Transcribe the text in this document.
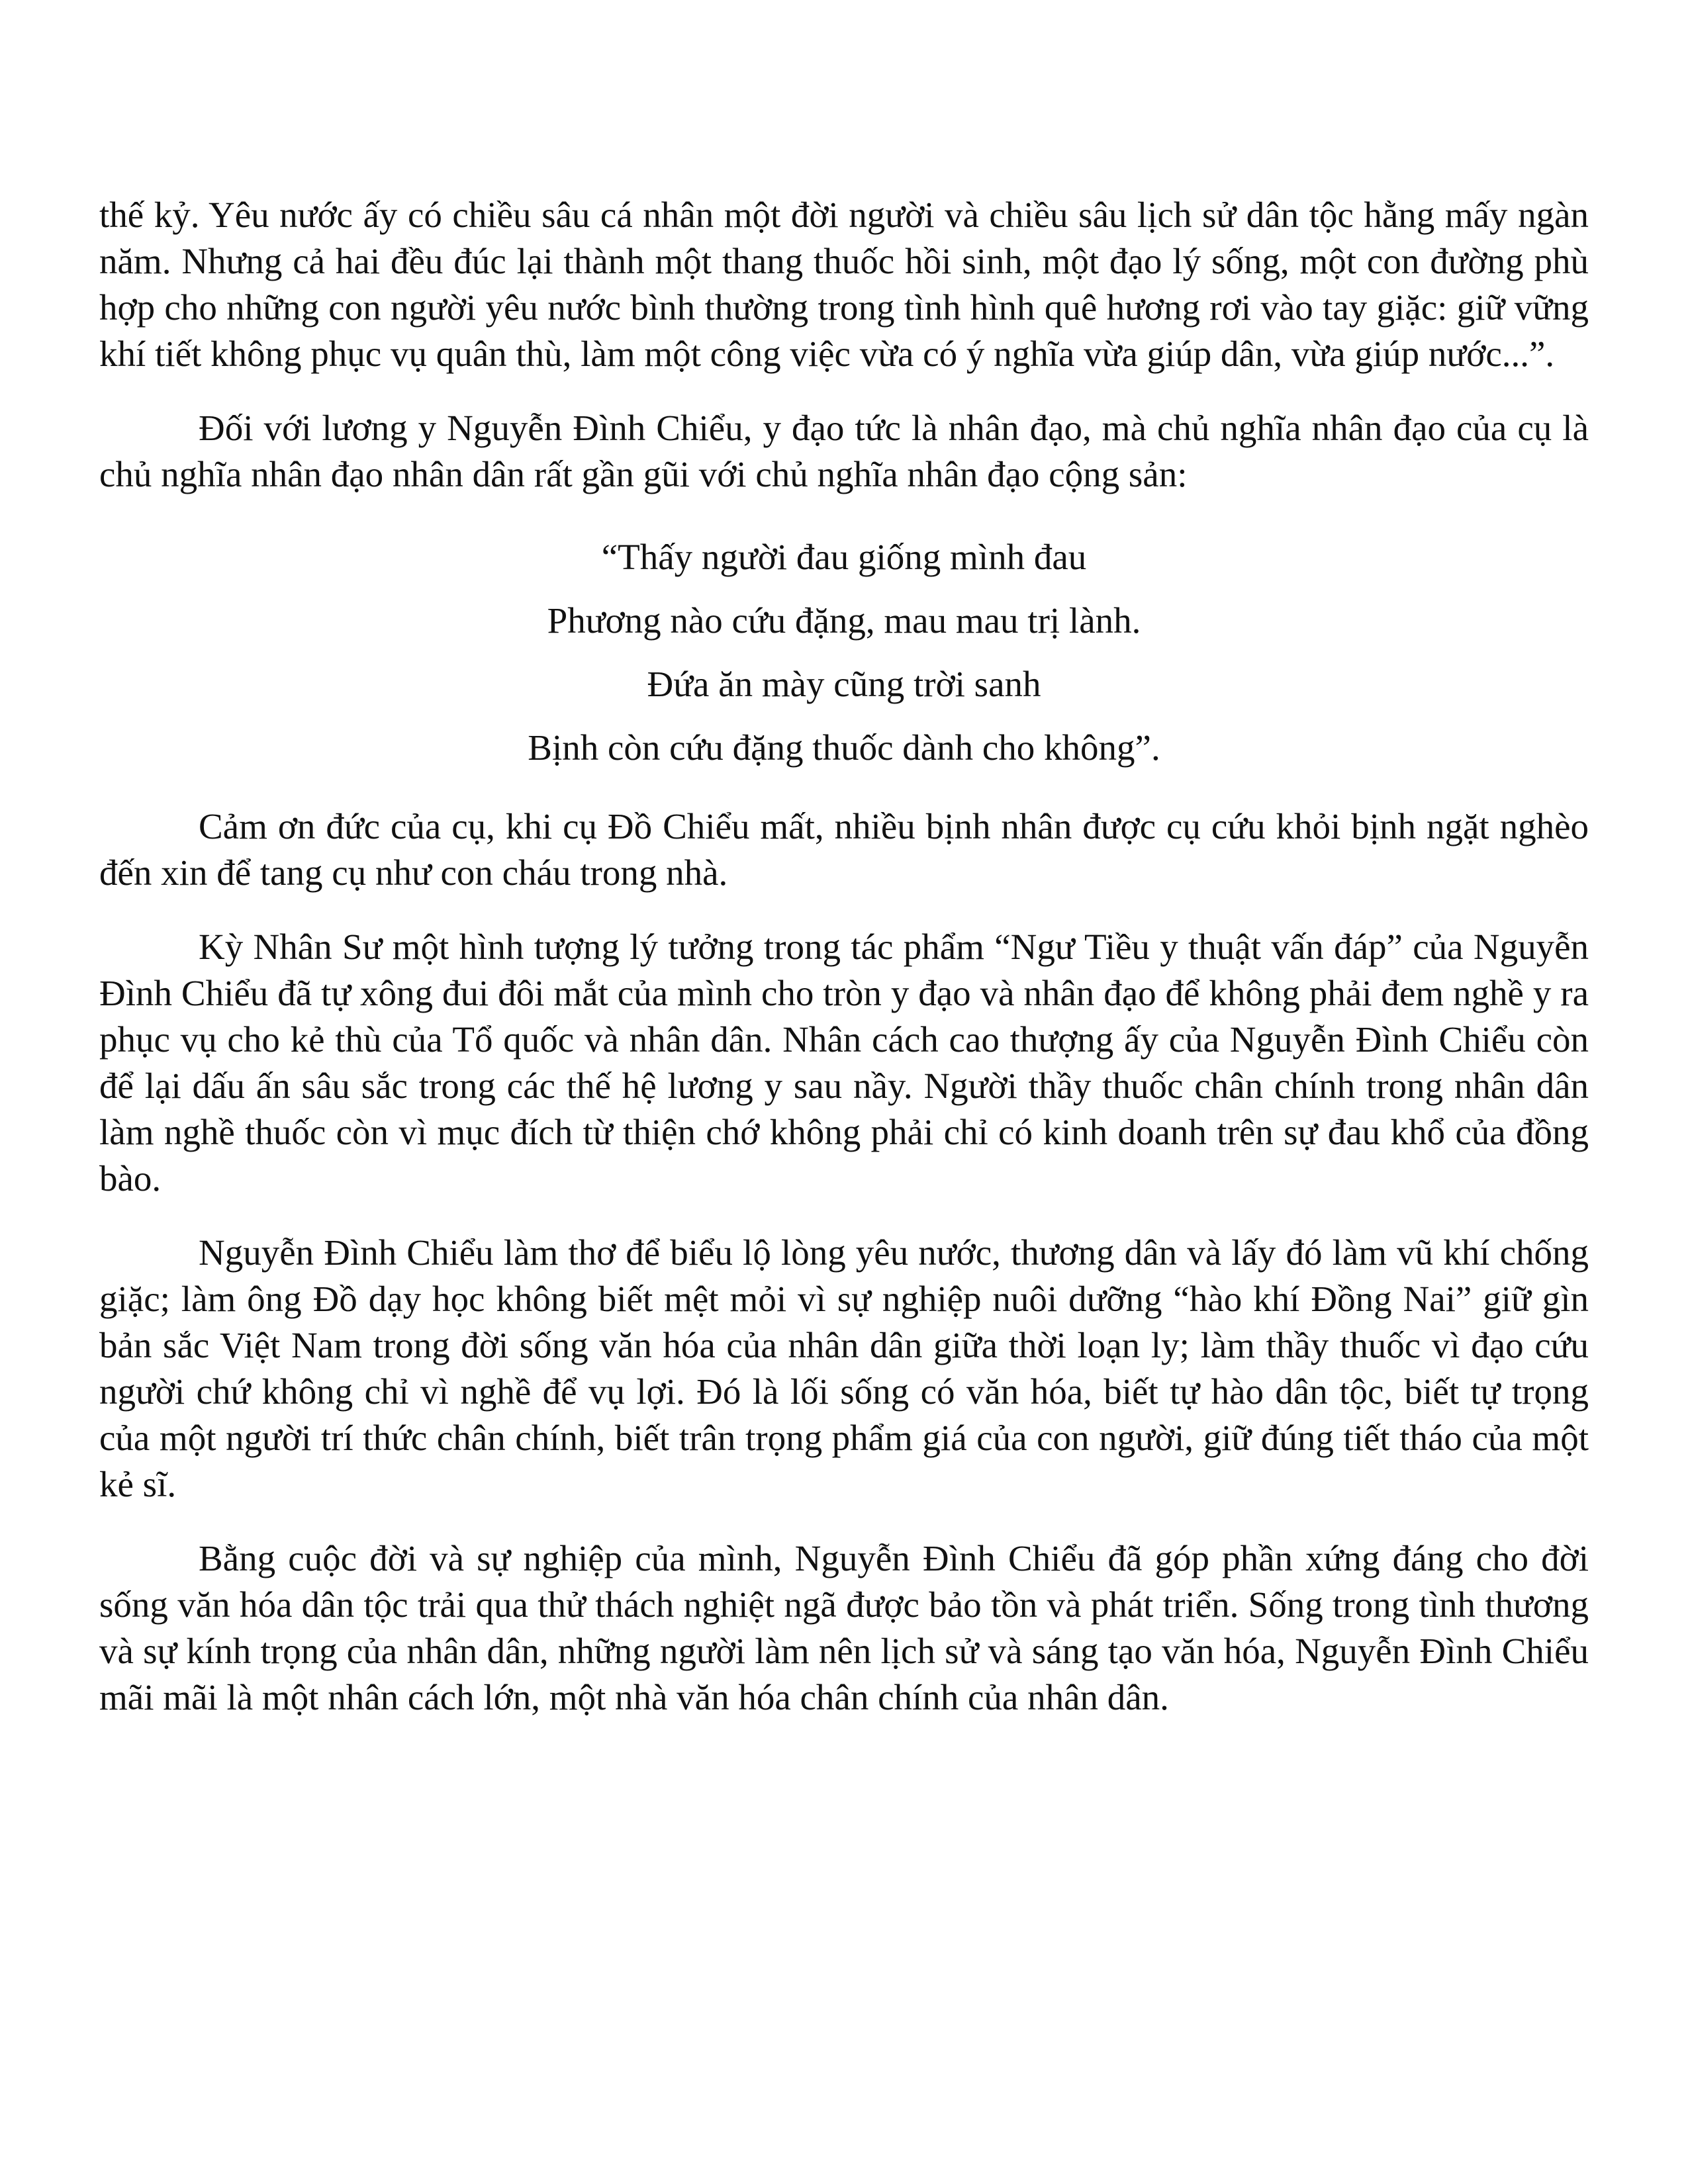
thế kỷ. Yêu nước ấy có chiều sâu cá nhân một đời người và chiều sâu lịch sử dân tộc hằng mấy ngàn năm. Nhưng cả hai đều đúc lại thành một thang thuốc hồi sinh, một đạo lý sống, một con đường phù hợp cho những con người yêu nước bình thường trong tình hình quê hương rơi vào tay giặc: giữ vững khí tiết không phục vụ quân thù, làm một công việc vừa có ý nghĩa vừa giúp dân, vừa giúp nước...”.

Đối với lương y Nguyễn Đình Chiểu, y đạo tức là nhân đạo, mà chủ nghĩa nhân đạo của cụ là chủ nghĩa nhân đạo nhân dân rất gần gũi với chủ nghĩa nhân đạo cộng sản:

“Thấy người đau giống mình đau

Phương nào cứu đặng, mau mau trị lành.

Đứa ăn mày cũng trời sanh

Bịnh còn cứu đặng thuốc dành cho không”.

Cảm ơn đức của cụ, khi cụ Đồ Chiểu mất, nhiều bịnh nhân được cụ cứu khỏi bịnh ngặt nghèo đến xin để tang cụ như con cháu trong nhà.

Kỳ Nhân Sư một hình tượng lý tưởng trong tác phẩm “Ngư Tiều y thuật vấn đáp” của Nguyễn Đình Chiểu đã tự xông đui đôi mắt của mình cho tròn y đạo và nhân đạo để không phải đem nghề y ra phục vụ cho kẻ thù của Tổ quốc và nhân dân. Nhân cách cao thượng ấy của Nguyễn Đình Chiểu còn để lại dấu ấn sâu sắc trong các thế hệ lương y sau nầy. Người thầy thuốc chân chính trong nhân dân làm nghề thuốc còn vì mục đích từ thiện chớ không phải chỉ có kinh doanh trên sự đau khổ của đồng bào.

Nguyễn Đình Chiểu làm thơ để biểu lộ lòng yêu nước, thương dân và lấy đó làm vũ khí chống giặc; làm ông Đồ dạy học không biết mệt mỏi vì sự nghiệp nuôi dưỡng “hào khí Đồng Nai” giữ gìn bản sắc Việt Nam trong đời sống văn hóa của nhân dân giữa thời loạn ly; làm thầy thuốc vì đạo cứu người chứ không chỉ vì nghề để vụ lợi. Đó là lối sống có văn hóa, biết tự hào dân tộc, biết tự trọng của một người trí thức chân chính, biết trân trọng phẩm giá của con người, giữ đúng tiết tháo của một kẻ sĩ.

Bằng cuộc đời và sự nghiệp của mình, Nguyễn Đình Chiểu đã góp phần xứng đáng cho đời sống văn hóa dân tộc trải qua thử thách nghiệt ngã được bảo tồn và phát triển. Sống trong tình thương và sự kính trọng của nhân dân, những người làm nên lịch sử và sáng tạo văn hóa, Nguyễn Đình Chiểu mãi mãi là một nhân cách lớn, một nhà văn hóa chân chính của nhân dân.
